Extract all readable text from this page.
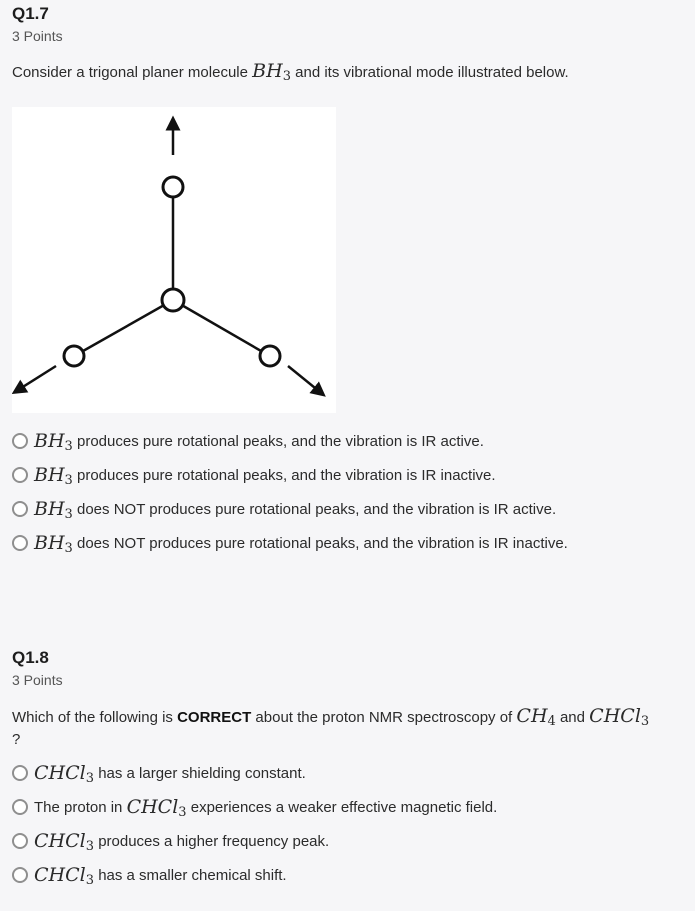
Q1.7
3 Points
Consider a trigonal planer molecule $BH_3$ and its vibrational mode illustrated below.
$BH_3$
produces pure rotational peaks, and the vibration is IR active.
$BH_3$
produces pure rotational peaks, and the vibration is IR inactive.
$BH_3$
does NOT produces pure rotational peaks, and the vibration is IR active.
$BH_3$
does NOT produces pure rotational peaks, and the vibration is IR inactive.
Q1.8
3 Points
Which of the following is CORRECT about the proton NMR spectroscopy of $CH_4$ and CHCl$_3$
?
CHCl$_3$
has a larger shielding constant.
The proton in
CHCl$_3$
experiences a weaker effective magnetic field.
CHCl$_3$
produces a higher frequency peak.
CHCl$_3$
has a smaller chemical shift.
